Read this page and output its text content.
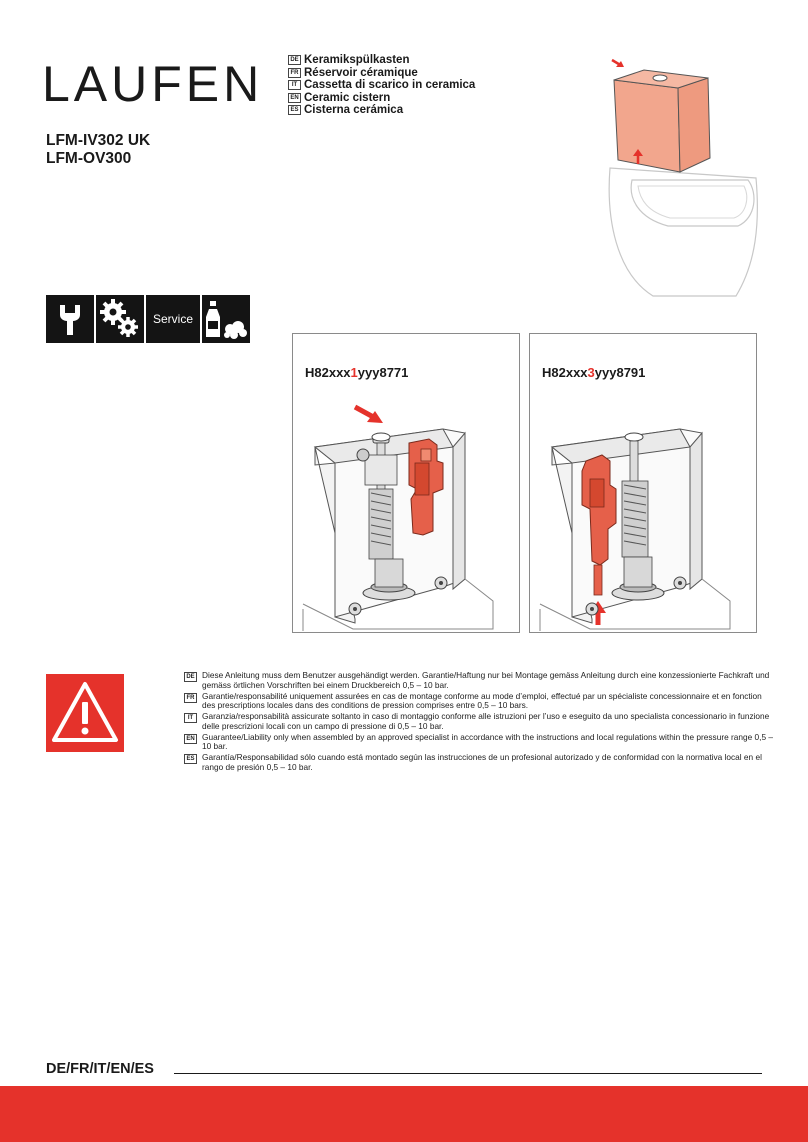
LAUFEN	DE Keramikspülkasten
FR Réservoir céramique
IT Cassetta di scarico in ceramica
EN Ceramic cistern
ES Cisterna cerámica
LFM-IV302 UK
LFM-OV300
Service
H82xxx1yyy8771	H82xxx3yyy8791
DE Diese Anleitung muss dem Benutzer ausgehändigt werden. Garantie/Haftung nur bei Montage gemäss Anleitung durch eine konzessionierte Fachkraft und gemäss örtlichen Vorschriften bei einem Druckbereich 0,5 – 10 bar.
FR Garantie/responsabilité uniquement assurées en cas de montage conforme au mode d’emploi, effectué par un spécialiste concessionnaire et en fonction des prescriptions locales dans des conditions de pression comprises entre 0,5 – 10 bars.
IT	Garanzia/responsabilità assicurate soltanto in caso di montaggio conforme alle istruzioni per l’uso e eseguito da uno specialista concessionario in funzione delle prescrizioni locali con un campo di pressione di 0,5 – 10 bar.
EN Guarantee/Liability only when assembled by an approved specialist in accordance with the instructions and local regulations within the pressure range 0,5 – 10 bar.
ES Garantía/Responsabilidad sólo cuando está montado según las instrucciones de un profesional autorizado y de conformidad con la normativa local en el rango de presión 0,5 – 10 bar.
DE/FR/IT/EN/ES
